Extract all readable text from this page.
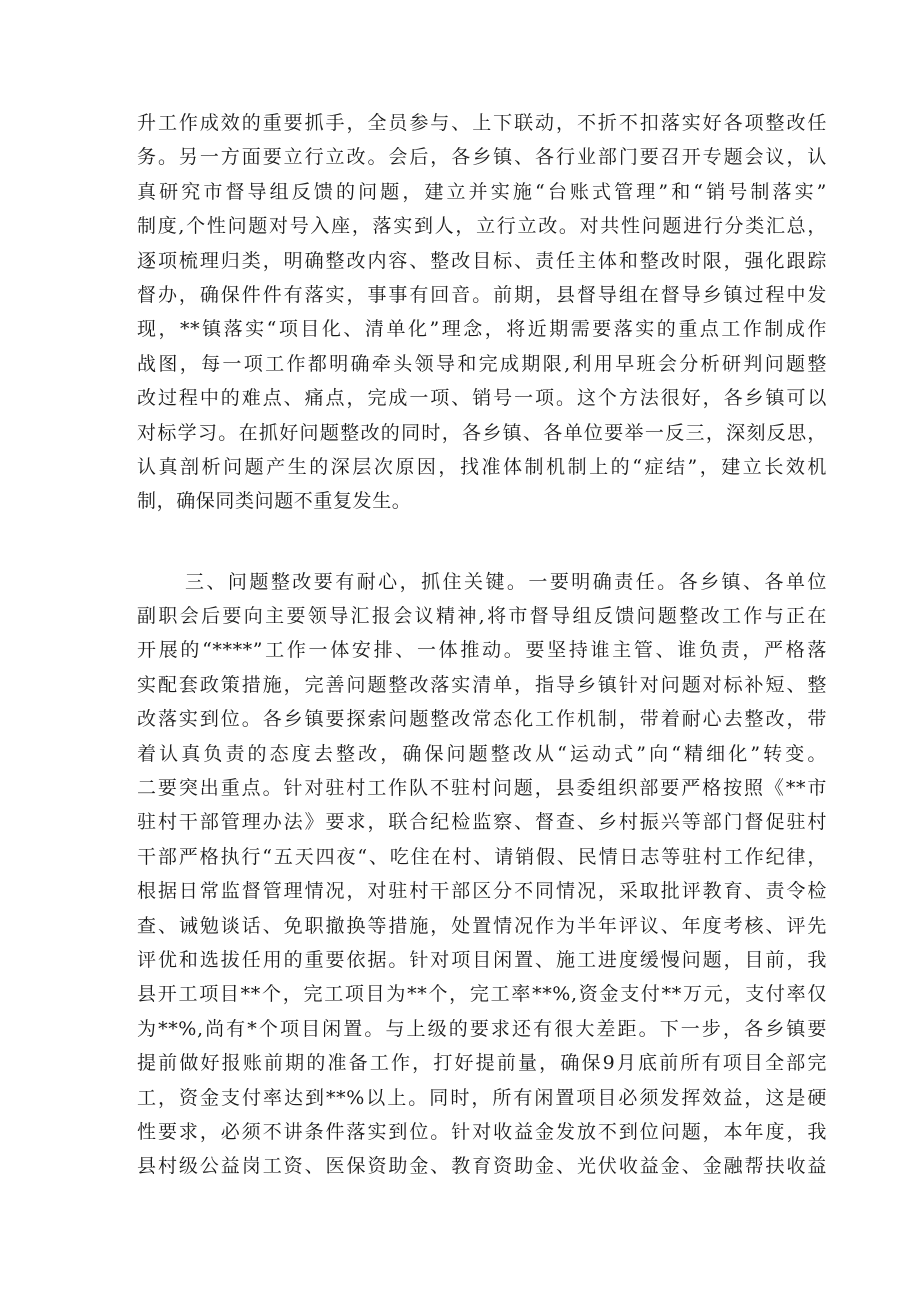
升工作成效的重要抓手，全员参与、上下联动，不折不扣落实好各项整改任
务。另一方面要立行立改。会后，各乡镇、各行业部门要召开专题会议，认
真研究市督导组反馈的问题，建立并实施“台账式管理”和“销号制落实”
制度,个性问题对号入座，落实到人，立行立改。对共性问题进行分类汇总，
逐项梳理归类，明确整改内容、整改目标、责任主体和整改时限，强化跟踪
督办，确保件件有落实，事事有回音。前期，县督导组在督导乡镇过程中发
现，**镇落实“项目化、清单化”理念，将近期需要落实的重点工作制成作
战图，每一项工作都明确牵头领导和完成期限,利用早班会分析研判问题整
改过程中的难点、痛点，完成一项、销号一项。这个方法很好，各乡镇可以
对标学习。在抓好问题整改的同时，各乡镇、各单位要举一反三，深刻反思，
认真剖析问题产生的深层次原因，找准体制机制上的“症结”，建立长效机
制，确保同类问题不重复发生。
三、问题整改要有耐心，抓住关键。一要明确责任。各乡镇、各单位
副职会后要向主要领导汇报会议精神,将市督导组反馈问题整改工作与正在
开展的“****”工作一体安排、一体推动。要坚持谁主管、谁负责，严格落
实配套政策措施，完善问题整改落实清单，指导乡镇针对问题对标补短、整
改落实到位。各乡镇要探索问题整改常态化工作机制，带着耐心去整改，带
着认真负责的态度去整改，确保问题整改从“运动式”向“精细化”转变。
二要突出重点。针对驻村工作队不驻村问题，县委组织部要严格按照《**市
驻村干部管理办法》要求，联合纪检监察、督查、乡村振兴等部门督促驻村
干部严格执行“五天四夜“、吃住在村、请销假、民情日志等驻村工作纪律，
根据日常监督管理情况，对驻村干部区分不同情况，采取批评教育、责令检
查、诫勉谈话、免职撤换等措施，处置情况作为半年评议、年度考核、评先
评优和选拔任用的重要依据。针对项目闲置、施工进度缓慢问题，目前，我
县开工项目**个，完工项目为**个，完工率**%,资金支付**万元，支付率仅
为**%,尚有*个项目闲置。与上级的要求还有很大差距。下一步，各乡镇要
提前做好报账前期的准备工作，打好提前量，确保9月底前所有项目全部完
工，资金支付率达到**%以上。同时，所有闲置项目必须发挥效益，这是硬
性要求，必须不讲条件落实到位。针对收益金发放不到位问题，本年度，我
县村级公益岗工资、医保资助金、教育资助金、光伏收益金、金融帮扶收益
